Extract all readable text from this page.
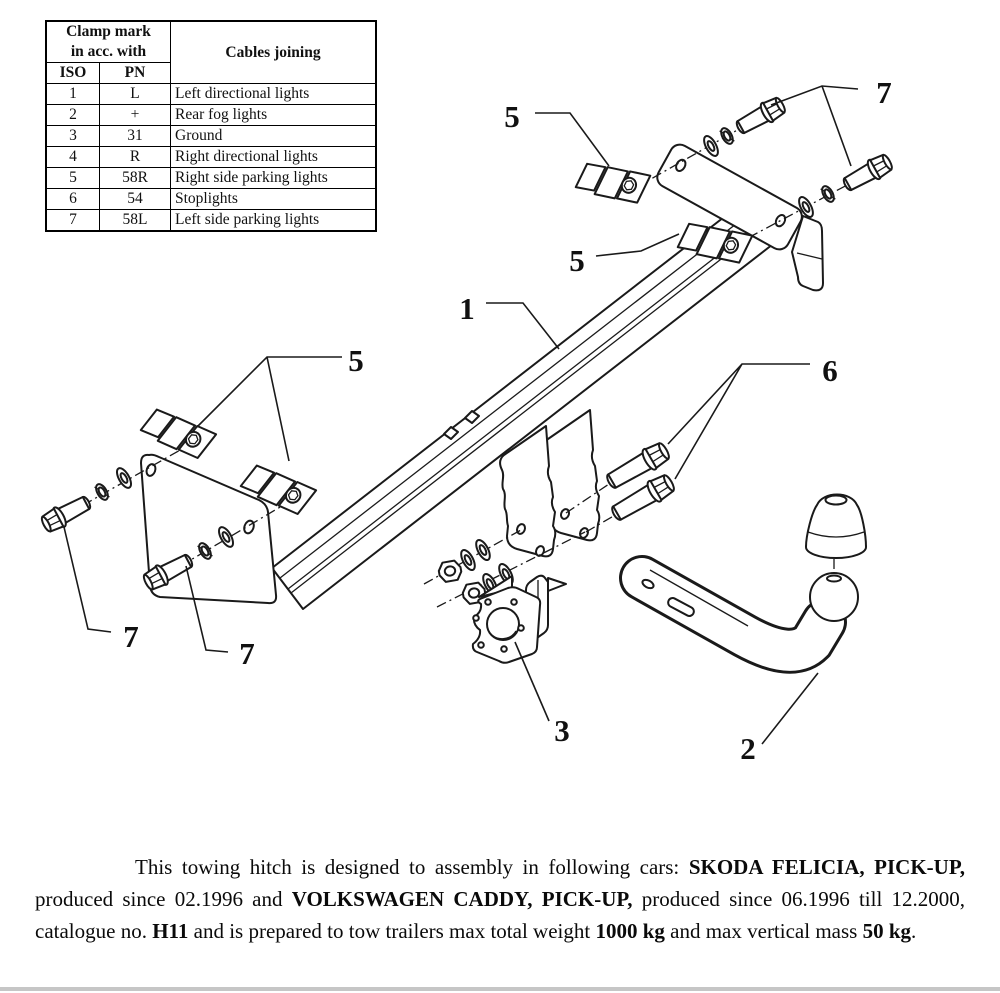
5
7
5
1
5	6
7	7
3
2
Clamp mark
in acc. with		Cables joining
ISO	PN	
1	L	Left directional lights
2	+	Rear fog lights
3	31	Ground
4	R	Right directional lights
5	58R	Right side parking lights
6	54	Stoplights
7	58L	Left side parking lights

This towing hitch is designed to assembly in following cars: SKODA FELICIA, PICK-UP, produced since 02.1996 and VOLKSWAGEN CADDY, PICK-UP, produced since 06.1996 till 12.2000, catalogue no. H11 and is prepared to tow trailers max total weight 1000 kg and max vertical mass 50 kg.
